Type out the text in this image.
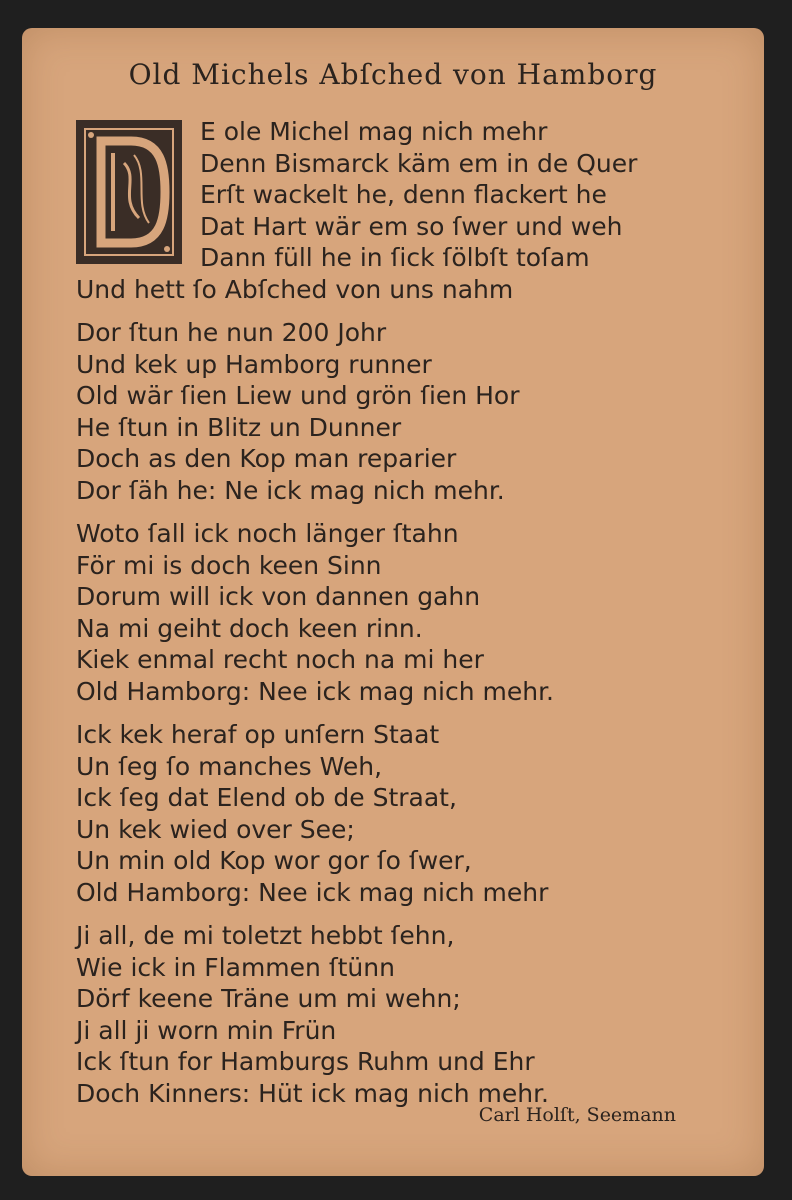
Old Michels Abſched von Hamborg
E ole Michel mag nich mehr
Denn Bismarck käm em in de Quer
Erſt wackelt he, denn flackert he
Dat Hart wär em so ſwer und weh
Dann füll he in ſick ſölbſt toſam
Und hett ſo Abſched von uns nahm
Dor ſtun he nun 200 Johr
Und kek up Hamborg runner
Old wär ſien Liew und grön ſien Hor
He ſtun in Blitz un Dunner
Doch as den Kop man reparier
Dor ſäh he: Ne ick mag nich mehr.
Woto ſall ick noch länger ſtahn
För mi is doch keen Sinn
Dorum will ick von dannen gahn
Na mi geiht doch keen rinn.
Kiek enmal recht noch na mi her
Old Hamborg: Nee ick mag nich mehr.
Ick kek heraf op unſern Staat
Un ſeg ſo manches Weh,
Ick ſeg dat Elend ob de Straat,
Un kek wied over See;
Un min old Kop wor gor ſo ſwer,
Old Hamborg: Nee ick mag nich mehr
Ji all, de mi toletzt hebbt ſehn,
Wie ick in Flammen ſtünn
Dörf keene Träne um mi wehn;
Ji all ji worn min Frün
Ick ſtun for Hamburgs Ruhm und Ehr
Doch Kinners: Hüt ick mag nich mehr.
Carl Holſt, Seemann
